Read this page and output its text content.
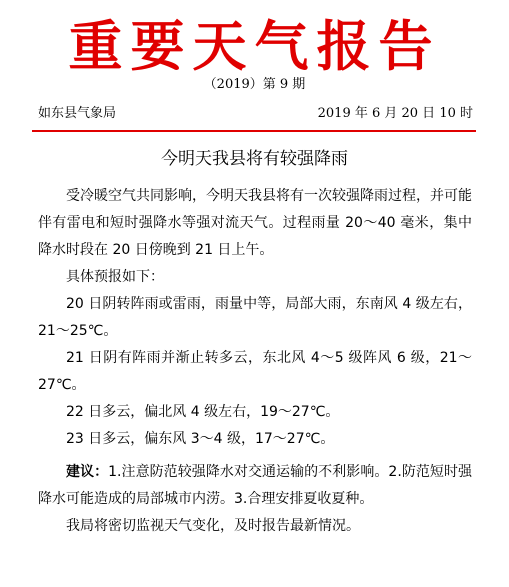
重要天气报告
（2019）第 9 期
如东县气象局	2019 年 6 月 20 日 10 时
今明天我县将有较强降雨

受冷暖空气共同影响，今明天我县将有一次较强降雨过程，并可能伴有雷电和短时强降水等强对流天气。过程雨量 20～40 毫米，集中降水时段在 20 日傍晚到 21 日上午。

具体预报如下：

20 日阴转阵雨或雷雨，雨量中等，局部大雨，东南风 4 级左右，21～25℃。

21 日阴有阵雨并渐止转多云，东北风 4～5 级阵风 6 级，21～27℃。

22 日多云，偏北风 4 级左右，19～27℃。

23 日多云，偏东风 3～4 级，17～27℃。

建议：1.注意防范较强降水对交通运输的不利影响。2.防范短时强降水可能造成的局部城市内涝。3.合理安排夏收夏种。

我局将密切监视天气变化，及时报告最新情况。
